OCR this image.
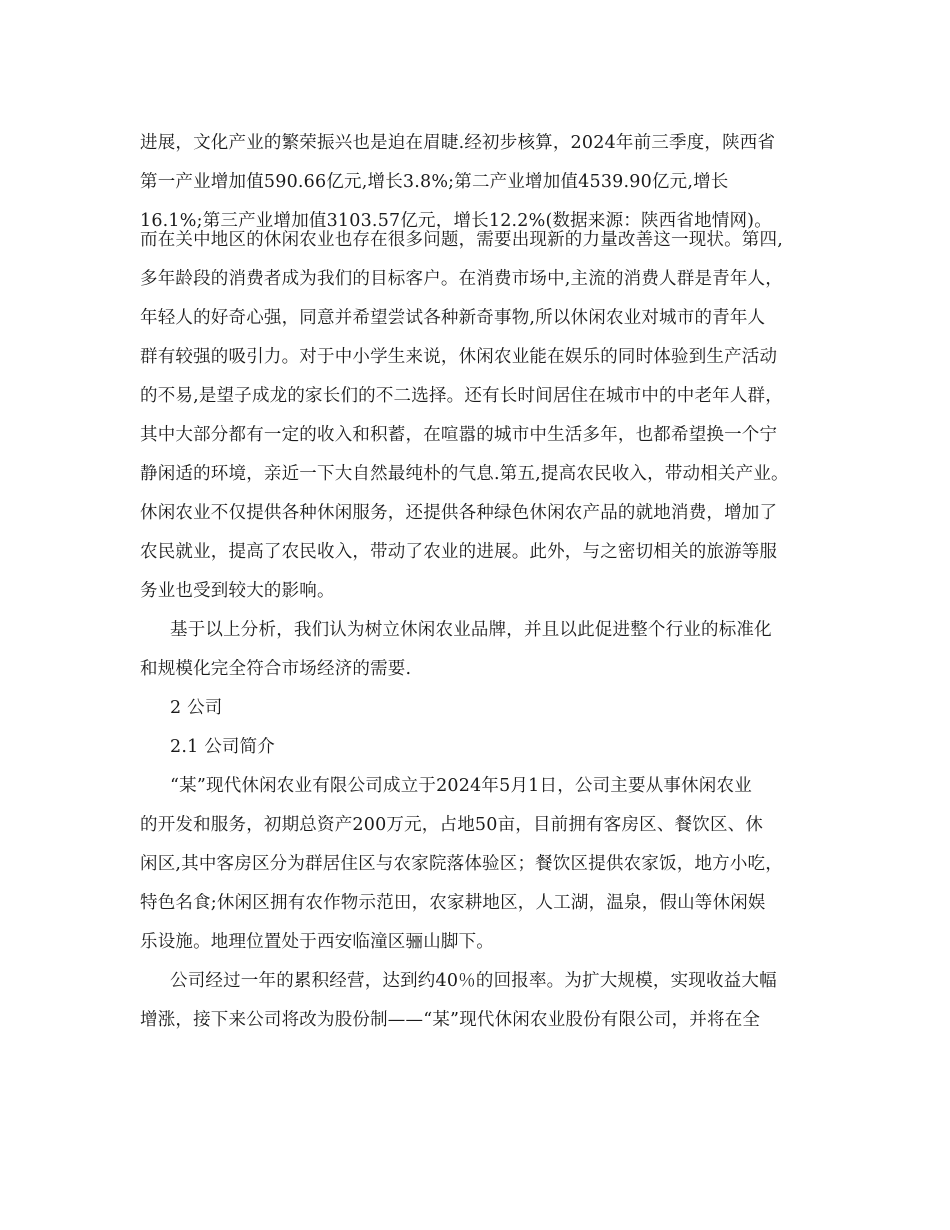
进展，文化产业的繁荣振兴也是迫在眉睫.经初步核算，2024年前三季度，陕西省
第一产业增加值590.66亿元,增长3.8%;第二产业增加值4539.90亿元,增长
16.1%;第三产业增加值3103.57亿元，增长12.2%(数据来源：陕西省地情网)。
而在关中地区的休闲农业也存在很多问题，需要出现新的力量改善这一现状。第四,
多年龄段的消费者成为我们的目标客户。在消费市场中,主流的消费人群是青年人，
年轻人的好奇心强，同意并希望尝试各种新奇事物,所以休闲农业对城市的青年人
群有较强的吸引力。对于中小学生来说，休闲农业能在娱乐的同时体验到生产活动
的不易,是望子成龙的家长们的不二选择。还有长时间居住在城市中的中老年人群，
其中大部分都有一定的收入和积蓄，在喧嚣的城市中生活多年，也都希望换一个宁
静闲适的环境，亲近一下大自然最纯朴的气息.第五,提高农民收入，带动相关产业。
休闲农业不仅提供各种休闲服务，还提供各种绿色休闲农产品的就地消费，增加了
农民就业，提高了农民收入，带动了农业的进展。此外，与之密切相关的旅游等服
务业也受到较大的影响。
基于以上分析，我们认为树立休闲农业品牌，并且以此促进整个行业的标准化
和规模化完全符合市场经济的需要.
2 公司
2.1 公司简介
“某”现代休闲农业有限公司成立于2024年5月1日，公司主要从事休闲农业
的开发和服务，初期总资产200万元，占地50亩，目前拥有客房区、餐饮区、休
闲区,其中客房区分为群居住区与农家院落体验区；餐饮区提供农家饭，地方小吃，
特色名食;休闲区拥有农作物示范田，农家耕地区，人工湖，温泉，假山等休闲娱
乐设施。地理位置处于西安临潼区骊山脚下。
公司经过一年的累积经营，达到约40％的回报率。为扩大规模，实现收益大幅
增涨，接下来公司将改为股份制——“某”现代休闲农业股份有限公司，并将在全
